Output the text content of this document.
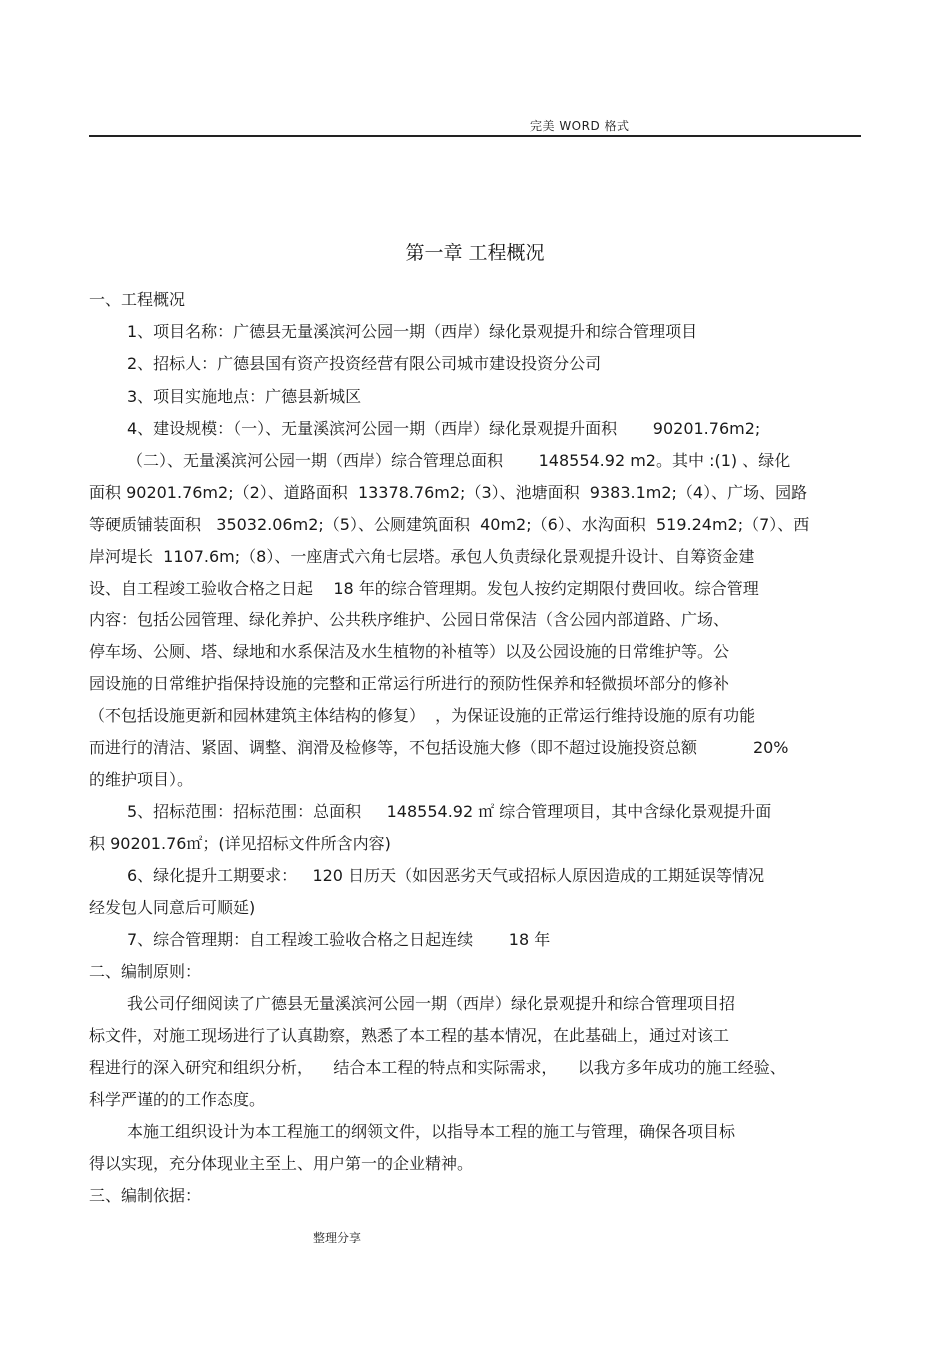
完美 WORD 格式
第一章 工程概况
一、工程概况
1、项目名称：广德县无量溪滨河公园一期（西岸）绿化景观提升和综合管理项目
2、招标人：广德县国有资产投资经营有限公司城市建设投资分公司
3、项目实施地点：广德县新城区
4、建设规模：（一）、无量溪滨河公园一期（西岸）绿化景观提升面积       90201.76m2;
（二）、无量溪滨河公园一期（西岸）综合管理总面积       148554.92 m2。其中 :(1) 、绿化
面积 90201.76m2;（2）、道路面积  13378.76m2;（3）、池塘面积  9383.1m2;（4）、广场、园路
等硬质铺装面积   35032.06m2;（5）、公厕建筑面积  40m2;（6）、水沟面积  519.24m2;（7）、西
岸河堤长  1107.6m;（8）、一座唐式六角七层塔。承包人负责绿化景观提升设计、自筹资金建
设、自工程竣工验收合格之日起    18 年的综合管理期。发包人按约定期限付费回收。综合管理
内容：包括公园管理、绿化养护、公共秩序维护、公园日常保洁（含公园内部道路、广场、
停车场、公厕、塔、绿地和水系保洁及水生植物的补植等）以及公园设施的日常维护等。公
园设施的日常维护指保持设施的完整和正常运行所进行的预防性保养和轻微损坏部分的修补
（不包括设施更新和园林建筑主体结构的修复）  ，为保证设施的正常运行维持设施的原有功能
而进行的清洁、紧固、调整、润滑及检修等，不包括设施大修（即不超过设施投资总额           20%
的维护项目）。
5、招标范围：招标范围：总面积     148554.92 ㎡ 综合管理项目，其中含绿化景观提升面
积 90201.76㎡；(详见招标文件所含内容)
6、绿化提升工期要求：   120 日历天（如因恶劣天气或招标人原因造成的工期延误等情况
经发包人同意后可顺延)
7、综合管理期：自工程竣工验收合格之日起连续       18 年
二、编制原则：
我公司仔细阅读了广德县无量溪滨河公园一期（西岸）绿化景观提升和综合管理项目招
标文件，对施工现场进行了认真勘察，熟悉了本工程的基本情况，在此基础上，通过对该工
程进行的深入研究和组织分析，    结合本工程的特点和实际需求，    以我方多年成功的施工经验、
科学严谨的的工作态度。
本施工组织设计为本工程施工的纲领文件，以指导本工程的施工与管理，确保各项目标
得以实现，充分体现业主至上、用户第一的企业精神。
三、编制依据：
整理分享
